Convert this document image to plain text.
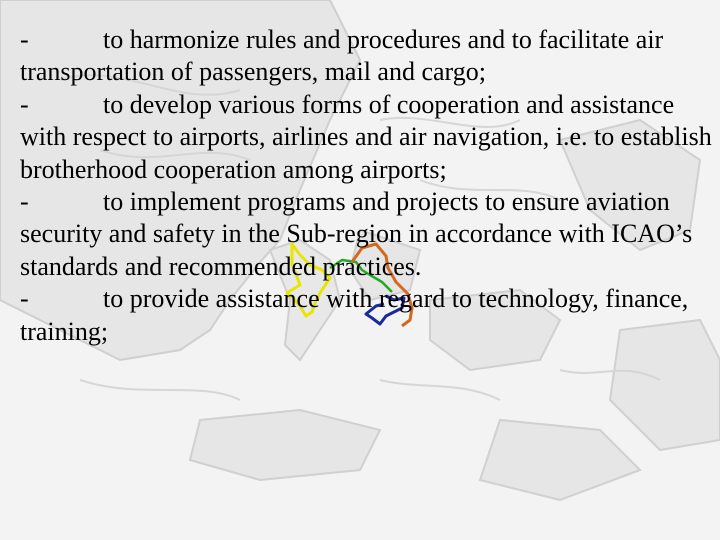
-	to harmonize rules and procedures and to facilitate air transportation of passengers, mail and cargo;
-	to develop various forms of cooperation and assistance with respect to airports, airlines and air navigation, i.e. to establish brotherhood cooperation among airports;
-	to implement programs and projects to ensure aviation security and safety in the Sub-region in accordance with ICAO’s standards and recommended practices.
-	to provide assistance with regard to technology, finance, training;
